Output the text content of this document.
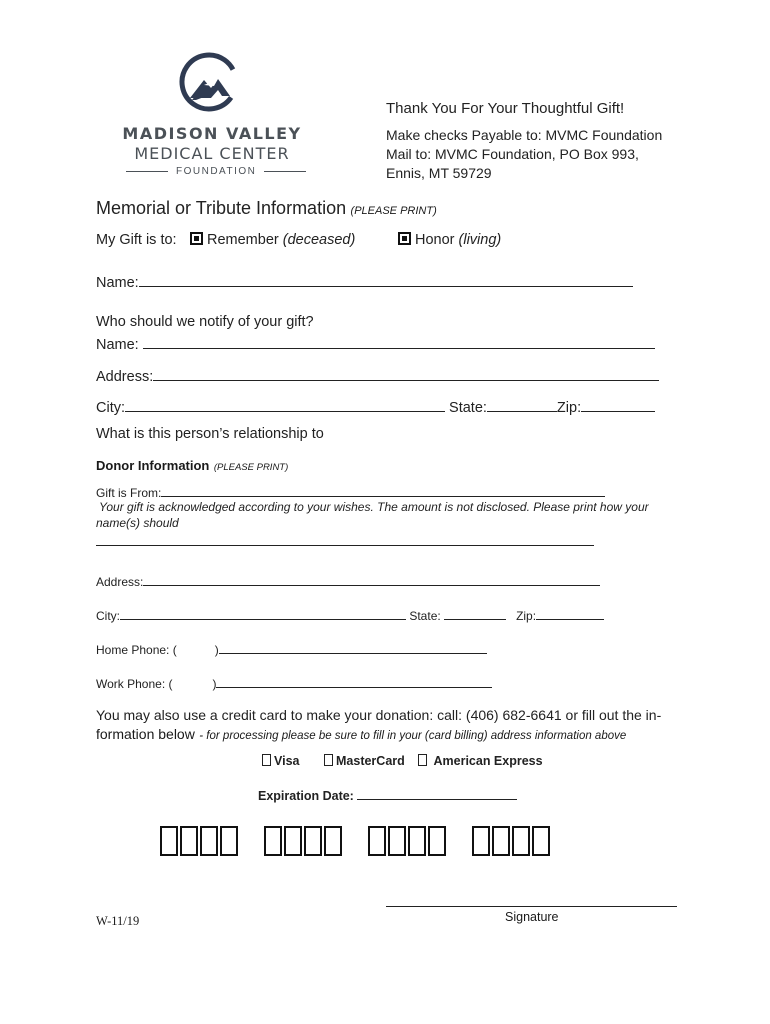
MADISON VALLEY
MEDICAL CENTER
FOUNDATION
Thank You For Your Thoughtful Gift!
Make checks Payable to: MVMC Foundation
Mail to: MVMC Foundation, PO Box 993,
Ennis, MT 59729
Memorial or Tribute Information (PLEASE PRINT)
My Gift is to:	Remember (deceased)	Honor (living)
Name:
Who should we notify of your gift?
Name:
Address:
City:	State:	Zip:
What is this person’s relationship to
Donor Information (PLEASE PRINT)
Gift is From:
Your gift is acknowledged according to your wishes. The amount is not disclosed. Please print how your
name(s) should
Address:
City:	State:	Zip:
Home Phone: (	)
Work Phone: (	)
You may also use a credit card to make your donation: call: (406) 682-6641 or fill out the in-
formation below - for processing please be sure to fill in your (card billing) address information above
Visa	MasterCard	American Express
Expiration Date:
Signature
W-11/19
